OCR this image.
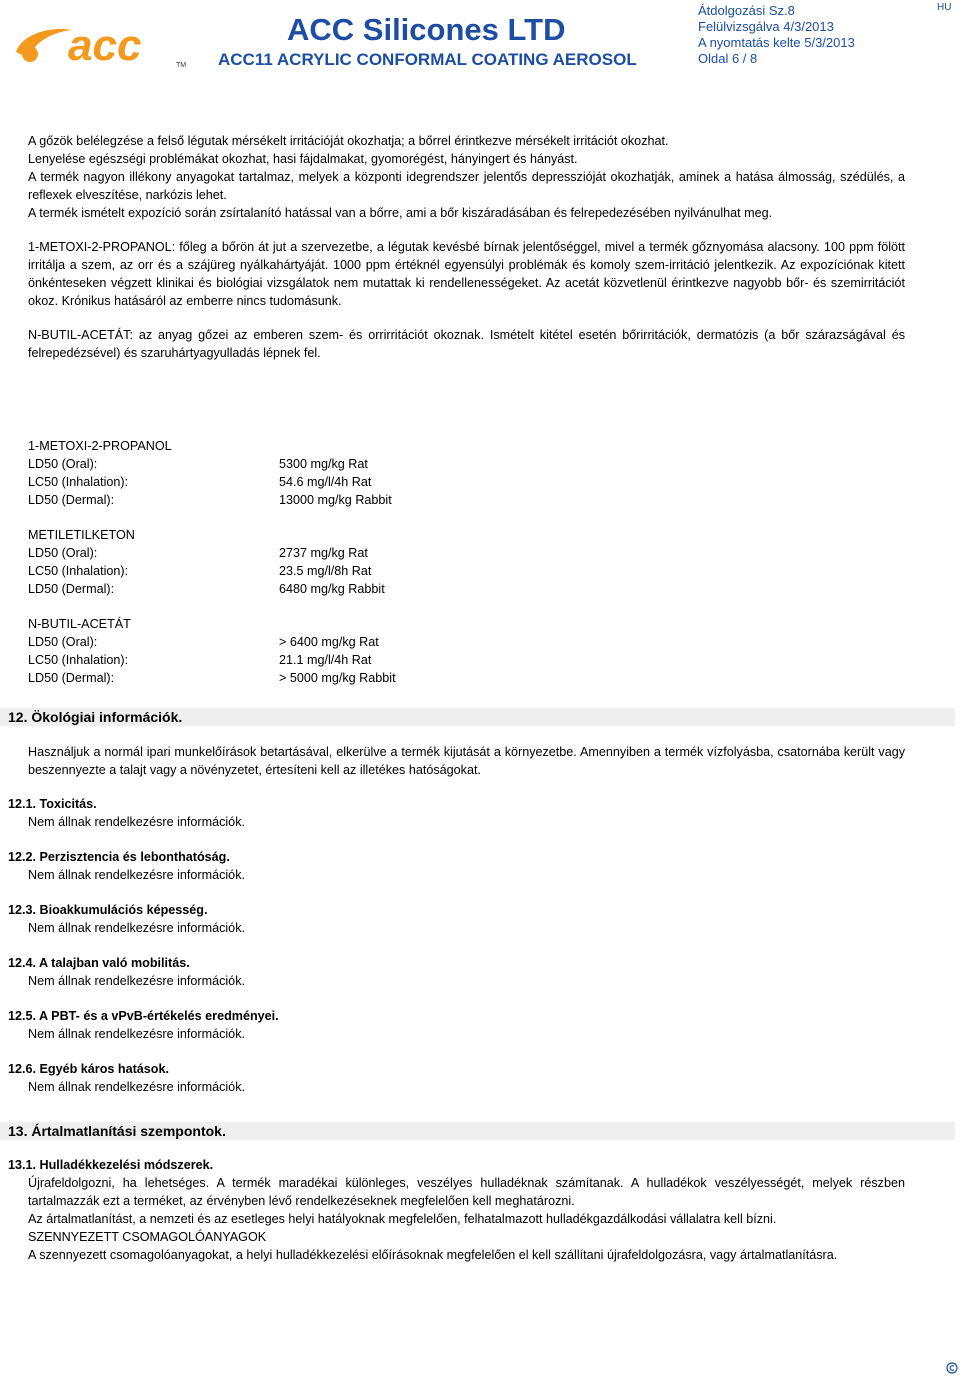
acc	TM
ACC Silicones LTD
ACC11 ACRYLIC CONFORMAL COATING AEROSOL
Átdolgozási Sz.8
Felülvizsgálva 4/3/2013
A nyomtatás kelte 5/3/2013
Oldal 6 / 8
HU

A gőzök belélegzése a felső légutak mérsékelt irritációját okozhatja; a bőrrel érintkezve mérsékelt irritációt okozhat.

Lenyelése egészségi problémákat okozhat, hasi fájdalmakat, gyomorégést, hányingert és hányást.

A termék nagyon illékony anyagokat tartalmaz, melyek a központi idegrendszer jelentős depresszióját okozhatják, aminek a hatása álmosság, szédülés, a reflexek elveszítése, narkózis lehet.

A termék ismételt expozíció során zsírtalanító hatással van a bőrre, ami a bőr kiszáradásában és felrepedezésében nyilvánulhat meg.

1-METOXI-2-PROPANOL: főleg a bőrön át jut a szervezetbe, a légutak kevésbé bírnak jelentőséggel, mivel a termék gőznyomása alacsony. 100 ppm fölött irritálja a szem, az orr és a szájüreg nyálkahártyáját. 1000 ppm értéknél egyensúlyi problémák és komoly szem-irritáció jelentkezik. Az expozíciónak kitett önkénteseken végzett klinikai és biológiai vizsgálatok nem mutattak ki rendellenességeket. Az acetát közvetlenül érintkezve nagyobb bőr- és szemirritációt okoz. Krónikus hatásáról az emberre nincs tudomásunk.

N-BUTIL-ACETÁT: az anyag gőzei az emberen szem- és orrirritációt okoznak. Ismételt kitétel esetén bőrirritációk, dermatózis (a bőr szárazságával és felrepedézsével) és szaruhártyagyulladás lépnek fel.

1-METOXI-2-PROPANOL
LD50 (Oral):	5300 mg/kg Rat
LC50 (Inhalation):	54.6 mg/l/4h Rat
LD50 (Dermal):	13000 mg/kg Rabbit
METILETILKETON
LD50 (Oral):	2737 mg/kg Rat
LC50 (Inhalation):	23.5 mg/l/8h Rat
LD50 (Dermal):	6480 mg/kg Rabbit
N-BUTIL-ACETÁT
LD50 (Oral):	> 6400 mg/kg Rat
LC50 (Inhalation):	21.1 mg/l/4h Rat
LD50 (Dermal):	> 5000 mg/kg Rabbit
12. Ökológiai információk.

Használjuk a normál ipari munkelőírások betartásával, elkerülve a termék kijutását a környezetbe. Amennyiben a termék vízfolyásba, csatornába került vagy beszennyezte a talajt vagy a növényzetet, értesíteni kell az illetékes hatóságokat.

12.1. Toxicitás.
Nem állnak rendelkezésre információk.
12.2. Perzisztencia és lebonthatóság.
Nem állnak rendelkezésre információk.
12.3. Bioakkumulációs képesség.
Nem állnak rendelkezésre információk.
12.4. A talajban való mobilitás.
Nem állnak rendelkezésre információk.
12.5. A PBT- és a vPvB-értékelés eredményei.
Nem állnak rendelkezésre információk.
12.6. Egyéb káros hatások.
Nem állnak rendelkezésre információk.
13. Ártalmatlanítási szempontok.
13.1. Hulladékkezelési módszerek.

Újrafeldolgozni, ha lehetséges. A termék maradékai különleges, veszélyes hulladéknak számítanak. A hulladékok veszélyességét, melyek részben tartalmazzák ezt a terméket, az érvényben lévő rendelkezéseknek megfelelően kell meghatározni.

Az ártalmatlanítást, a nemzeti és az esetleges helyi hatályoknak megfelelően, felhatalmazott hulladékgazdálkodási vállalatra kell bízni.

SZENNYEZETT CSOMAGOLÓANYAGOK

A szennyezett csomagolóanyagokat, a helyi hulladékkezelési előírásoknak megfelelően el kell szállítani újrafeldolgozásra, vagy ártalmatlanításra.
